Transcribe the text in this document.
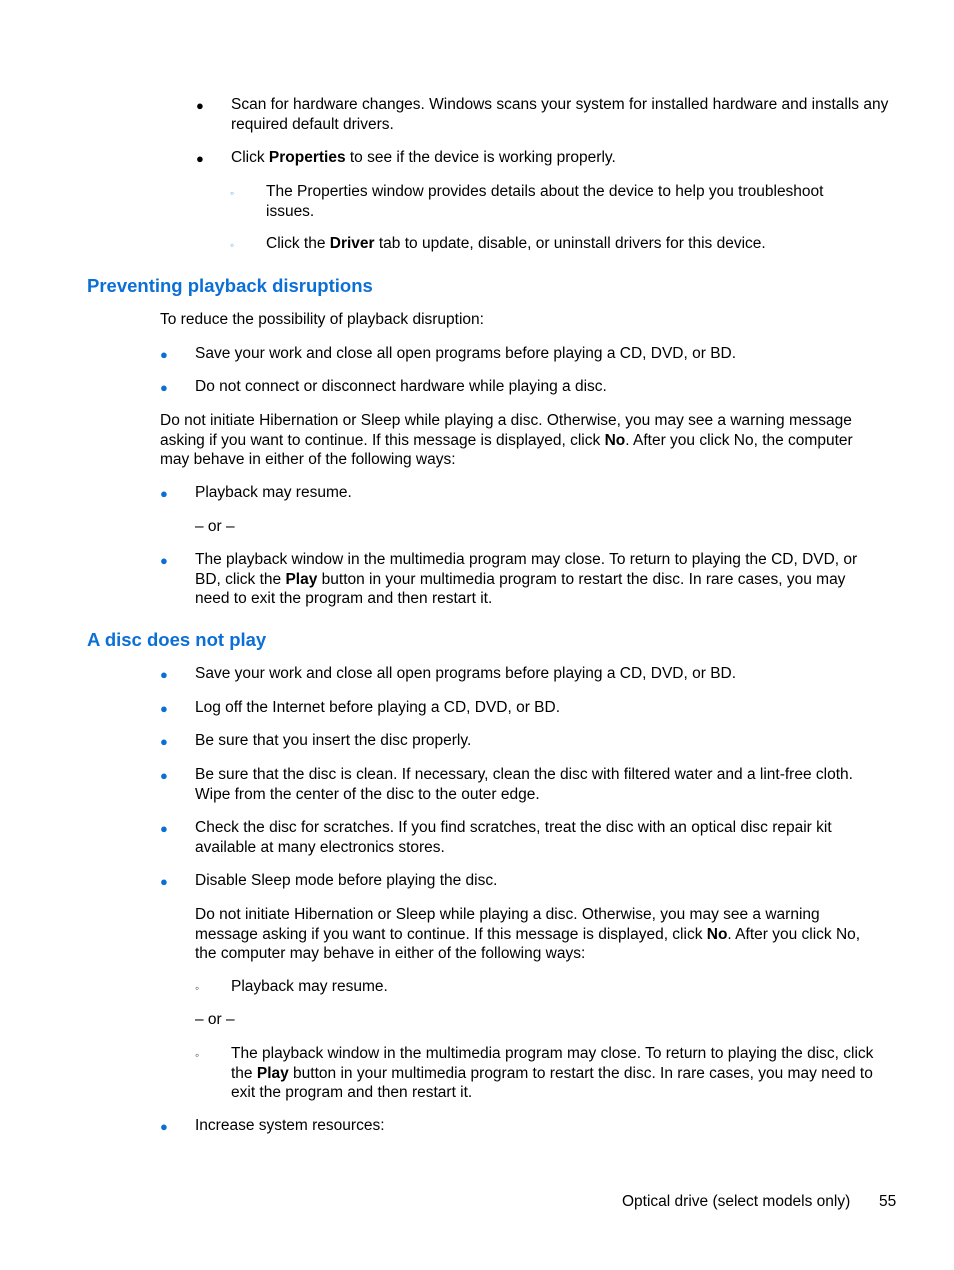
● Scan for hardware changes. Windows scans your system for installed hardware and installs any required default drivers.
● Click Properties to see if the device is working properly.
◦ The Properties window provides details about the device to help you troubleshoot issues.
◦ Click the Driver tab to update, disable, or uninstall drivers for this device.
Preventing playback disruptions
To reduce the possibility of playback disruption:
● Save your work and close all open programs before playing a CD, DVD, or BD.
● Do not connect or disconnect hardware while playing a disc.
Do not initiate Hibernation or Sleep while playing a disc. Otherwise, you may see a warning message asking if you want to continue. If this message is displayed, click No. After you click No, the computer may behave in either of the following ways:
● Playback may resume.
– or –
● The playback window in the multimedia program may close. To return to playing the CD, DVD, or BD, click the Play button in your multimedia program to restart the disc. In rare cases, you may need to exit the program and then restart it.
A disc does not play
● Save your work and close all open programs before playing a CD, DVD, or BD.
● Log off the Internet before playing a CD, DVD, or BD.
● Be sure that you insert the disc properly.
● Be sure that the disc is clean. If necessary, clean the disc with filtered water and a lint-free cloth. Wipe from the center of the disc to the outer edge.
● Check the disc for scratches. If you find scratches, treat the disc with an optical disc repair kit available at many electronics stores.
● Disable Sleep mode before playing the disc.
Do not initiate Hibernation or Sleep while playing a disc. Otherwise, you may see a warning message asking if you want to continue. If this message is displayed, click No. After you click No, the computer may behave in either of the following ways:
◦ Playback may resume.
– or –
◦ The playback window in the multimedia program may close. To return to playing the disc, click the Play button in your multimedia program to restart the disc. In rare cases, you may need to exit the program and then restart it.
● Increase system resources:
Optical drive (select models only) 55
